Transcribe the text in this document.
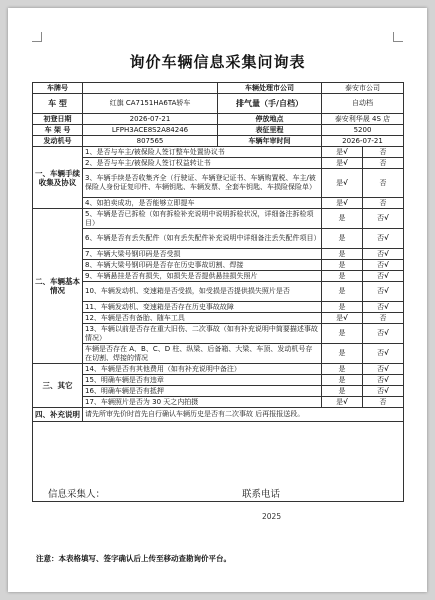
询价车辆信息采集问询表
车牌号		车辆处理市公司	泰安市公司	
车 型	红旗 CA7151HA6TA轿车	排气量（手/自档）	自动档	
初登日期	2026-07-21	停放地点	泰安利华晟 4S 店	
车 架 号	LFPH3ACE8S2A84246	表征里程	5200	
发动机号	807565	车辆年审时间	2026-07-21	
一、车辆手续收集及协议	1、是否与车主/被保险人签订整车处置协议书		是√	否
	2、是否与车主/被保险人签订权益转让书		是√	否
	3、车辆手续是否收集齐全（行驶证、车辆登记证书、车辆购置税、车主/被保险人身份证复印件、车辆钥匙、车辆发票、全套车钥匙、车损险保险单）		是√	否
	4、如拍卖成功，是否能够立即提车		是√	否
二、车辆基本情况	5、车辆是否已拆检（如有拆检补充说明中说明拆检状况，详细备注拆检项目）		是	否√
	6、车辆是否有丢失配件（如有丢失配件补充说明中详细备注丢失配件项目）		是	否√
	7、车辆大梁号钢印码是否受损		是	否√
	8、车辆大梁号钢印码是否存在历史事故切割、焊接		是	否√
	9、车辆悬挂是否有损失，如损失是否提供悬挂损失照片		是	否√
	10、车辆发动机、变速箱是否受损，如受损是否提供损失照片是否		是	否√
	11、车辆发动机、变速箱是否存在历史事故故障		是	否√
	12、车辆是否有备胎、随车工具		是√	否
	13、车辆以前是否存在重大旧伤、二次事故（如有补充说明中简要描述事故情况）		是	否√
	车辆是否存在 A、B、C、D 柱、纵梁、后备箱、大梁、车顶、发动机号存在切割、焊接的情况		是	否√
三、其它	14、车辆是否有其他费用（如有补充说明中备注）		是	否√
	15、明确车辆是否有违章		是	否√
	16、明确车辆是否有抵押		是	否√
	17、车辆照片是否为 30 天之内拍摄		是√	否
四、补充说明	请先所审先价时首先自行确认车辆历史是否有二次事故 后再报报送段。			

信息采集人：	联系电话
2025
注意：本表格填写、签字确认后上传至移动查勘询价平台。
